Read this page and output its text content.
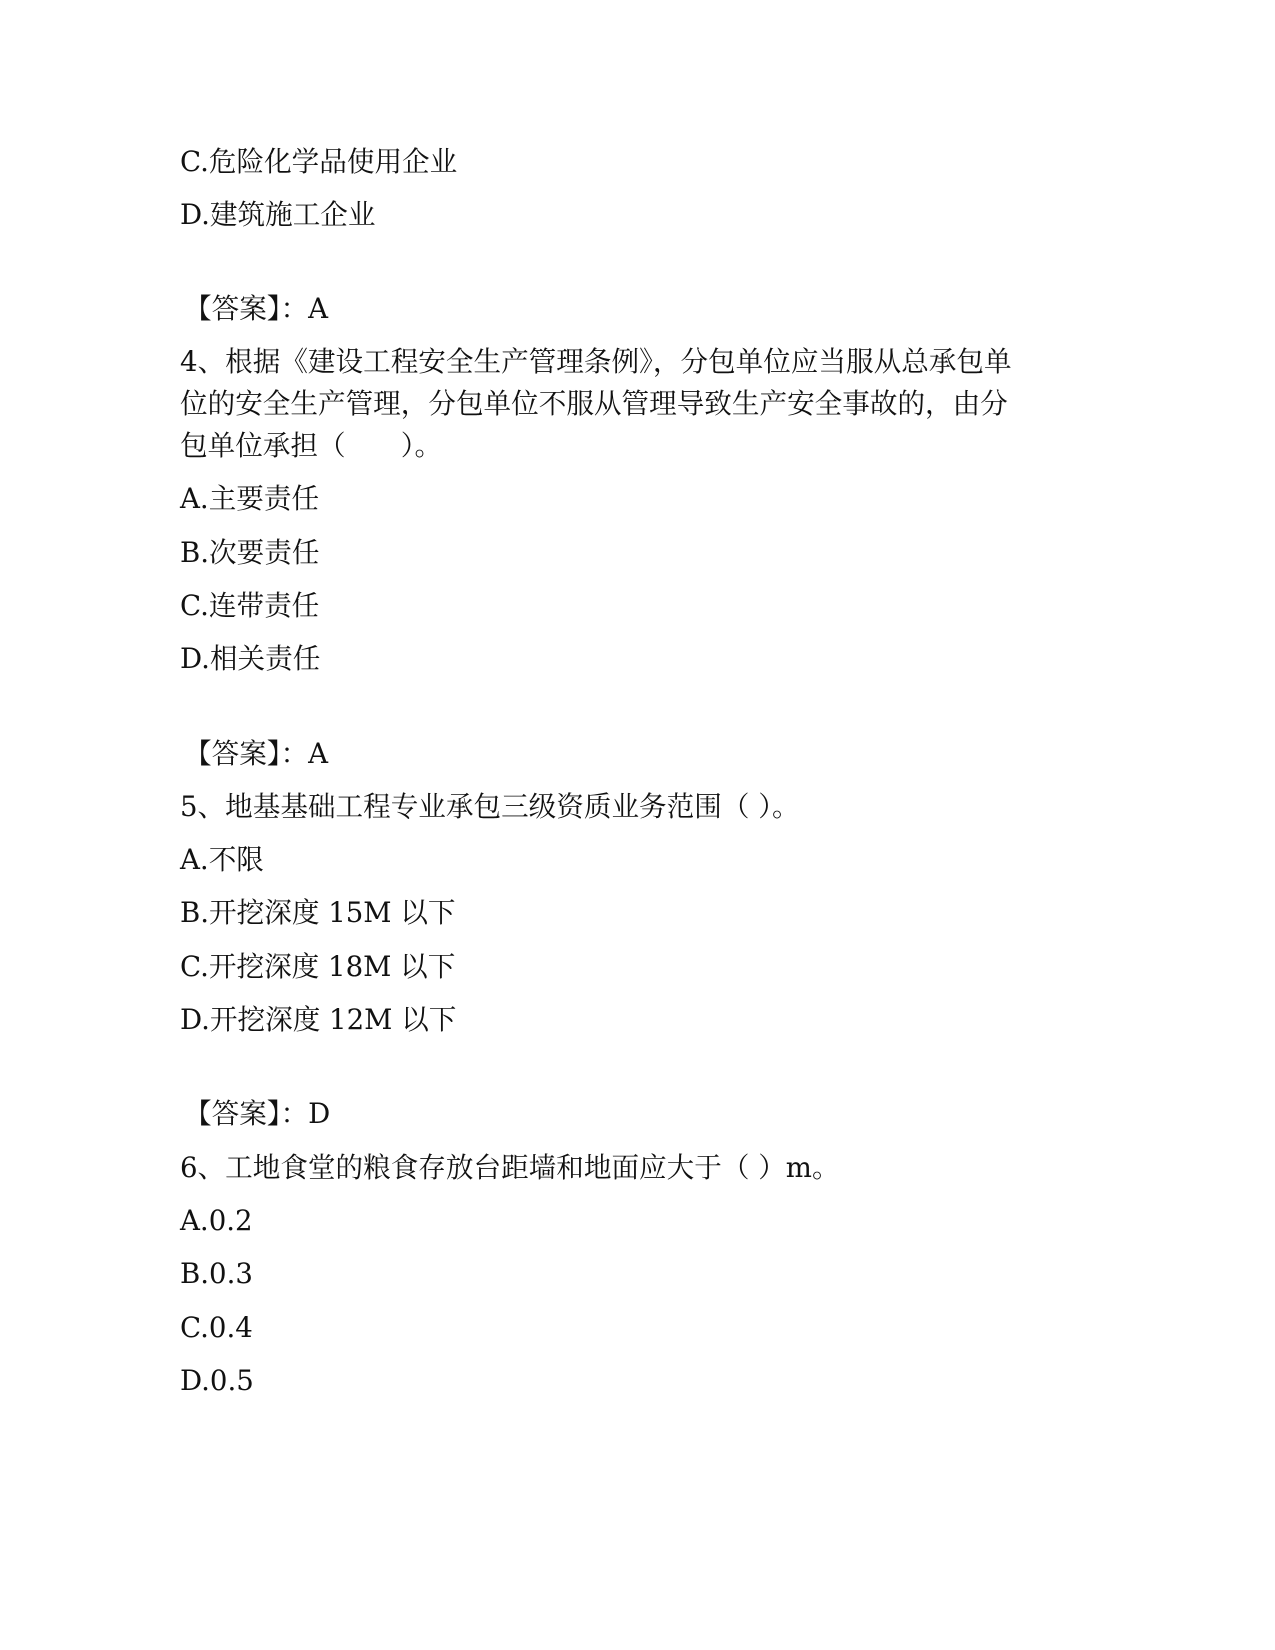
C.危险化学品使用企业
D.建筑施工企业
【答案】：A
4、根据《建设工程安全生产管理条例》，分包单位应当服从总承包单
位的安全生产管理，分包单位不服从管理导致生产安全事故的，由分
包单位承担（　　）。
A.主要责任
B.次要责任
C.连带责任
D.相关责任
【答案】：A
5、地基基础工程专业承包三级资质业务范围（ ）。
A.不限
B.开挖深度 15M 以下
C.开挖深度 18M 以下
D.开挖深度 12M 以下
【答案】：D
6、工地食堂的粮食存放台距墙和地面应大于（ ）m。
A.0.2
B.0.3
C.0.4
D.0.5
